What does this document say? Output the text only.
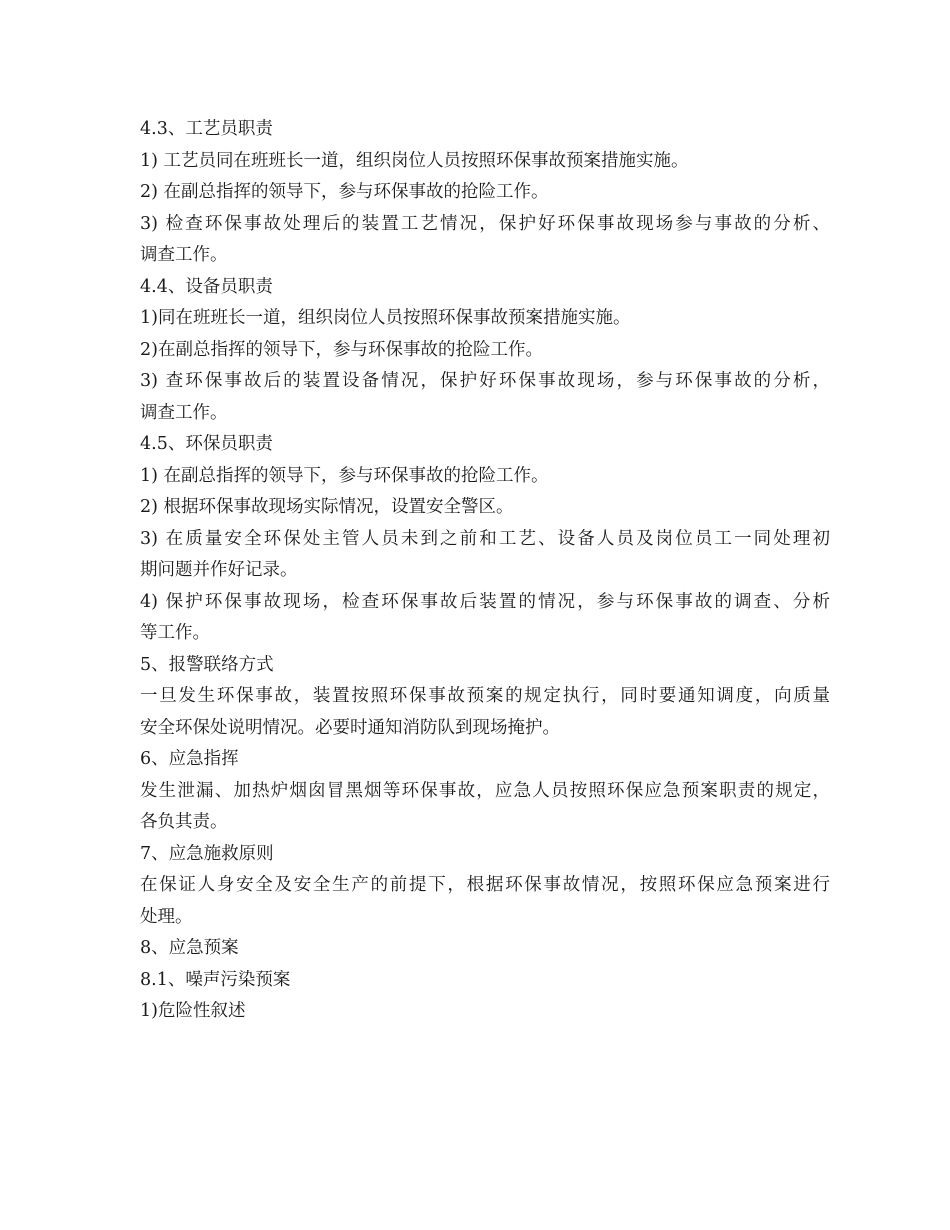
4.3、工艺员职责
1) 工艺员同在班班长一道，组织岗位人员按照环保事故预案措施实施。
2) 在副总指挥的领导下，参与环保事故的抢险工作。
3) 检查环保事故处理后的装置工艺情况，保护好环保事故现场参与事故的分析、
调查工作。
4.4、设备员职责
1)同在班班长一道，组织岗位人员按照环保事故预案措施实施。
2)在副总指挥的领导下，参与环保事故的抢险工作。
3) 查环保事故后的装置设备情况，保护好环保事故现场，参与环保事故的分析，
调查工作。
4.5、环保员职责
1) 在副总指挥的领导下，参与环保事故的抢险工作。
2) 根据环保事故现场实际情况，设置安全警区。
3) 在质量安全环保处主管人员未到之前和工艺、设备人员及岗位员工一同处理初
期问题并作好记录。
4) 保护环保事故现场，检查环保事故后装置的情况，参与环保事故的调查、分析
等工作。
5、报警联络方式
一旦发生环保事故，装置按照环保事故预案的规定执行，同时要通知调度，向质量
安全环保处说明情况。必要时通知消防队到现场掩护。
6、应急指挥
发生泄漏、加热炉烟囱冒黑烟等环保事故，应急人员按照环保应急预案职责的规定，
各负其责。
7、应急施救原则
在保证人身安全及安全生产的前提下，根据环保事故情况，按照环保应急预案进行
处理。
8、应急预案
8.1、噪声污染预案
1)危险性叙述
